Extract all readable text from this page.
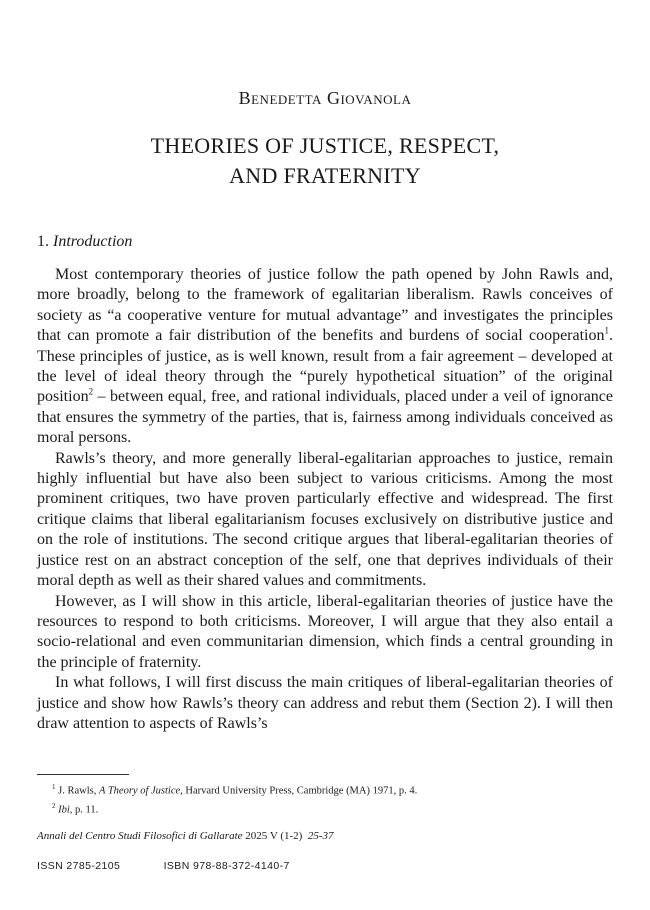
Benedetta Giovanola
THEORIES OF JUSTICE, RESPECT,
AND FRATERNITY
1. Introduction

Most contemporary theories of justice follow the path opened by John Rawls and, more broadly, belong to the framework of egalitarian liberalism. Rawls conceives of society as “a cooperative venture for mutual advantage” and investigates the principles that can promote a fair distribution of the benefits and burdens of social cooperation$^1$. These principles of justice, as is well known, result from a fair agreement – developed at the level of ideal theory through the “purely hypothetical situation” of the original position$^2$ – between equal, free, and rational individuals, placed under a veil of ignorance that ensures the symmetry of the parties, that is, fairness among individuals conceived as moral persons.

Rawls’s theory, and more generally liberal-egalitarian approaches to justice, remain highly influential but have also been subject to various criticisms. Among the most prominent critiques, two have proven particularly effective and widespread. The first critique claims that liberal egalitarianism focuses exclusively on distributive justice and on the role of institutions. The second critique argues that liberal-egalitarian theories of justice rest on an abstract conception of the self, one that deprives individuals of their moral depth as well as their shared values and commitments.

However, as I will show in this article, liberal-egalitarian theories of justice have the resources to respond to both criticisms. Moreover, I will argue that they also entail a socio-relational and even communitarian dimension, which finds a central grounding in the principle of fraternity.

In what follows, I will first discuss the main critiques of liberal-egalitarian theories of justice and show how Rawls’s theory can address and rebut them (Section 2). I will then draw attention to aspects of Rawls’s

$^1$ J. Rawls, A Theory of Justice, Harvard University Press, Cambridge (MA) 1971, p. 4.
$^2$ Ibi, p. 11.
Annali del Centro Studi Filosofici di Gallarate 2025 V (1-2) 25-37
ISSN 2785-2105	ISBN 978-88-372-4140-7
